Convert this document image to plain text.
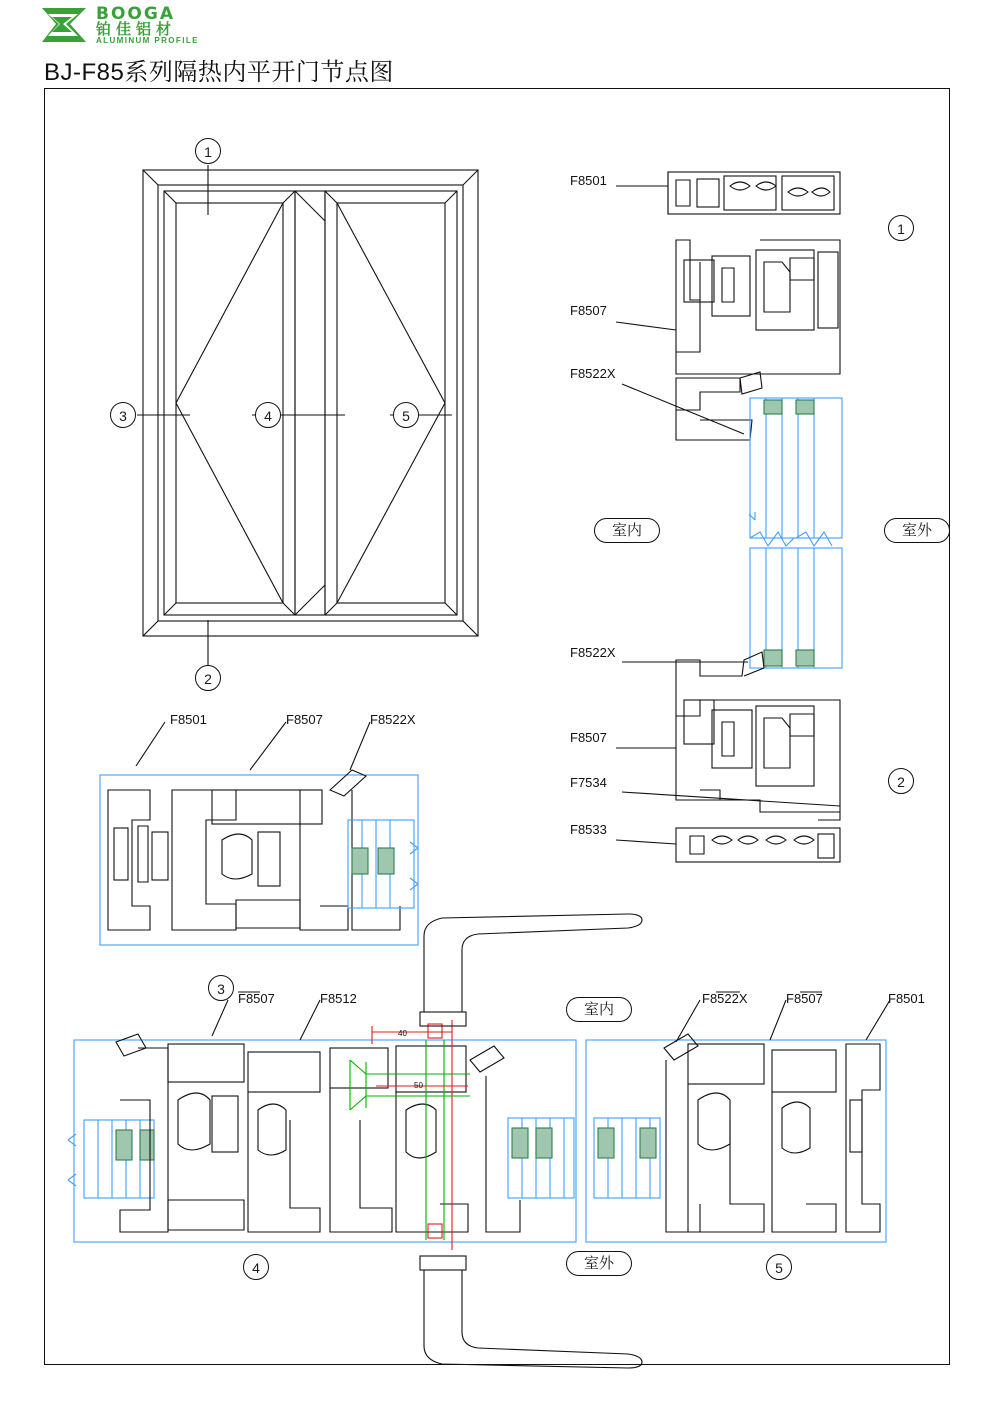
BOOGA
铂佳铝材
ALUMINUM PROFILE
BJ-F85系列隔热内平开门节点图
1
2
3	4	5
F8501
F8507
F8522X
F8522X
F8507
F7534
F8533
1
2
室内	室外
F8501	F8507	F8522X
3
F8507	F8512	F8522X	F8507	F8501
40
50
室内
室外
4	5
